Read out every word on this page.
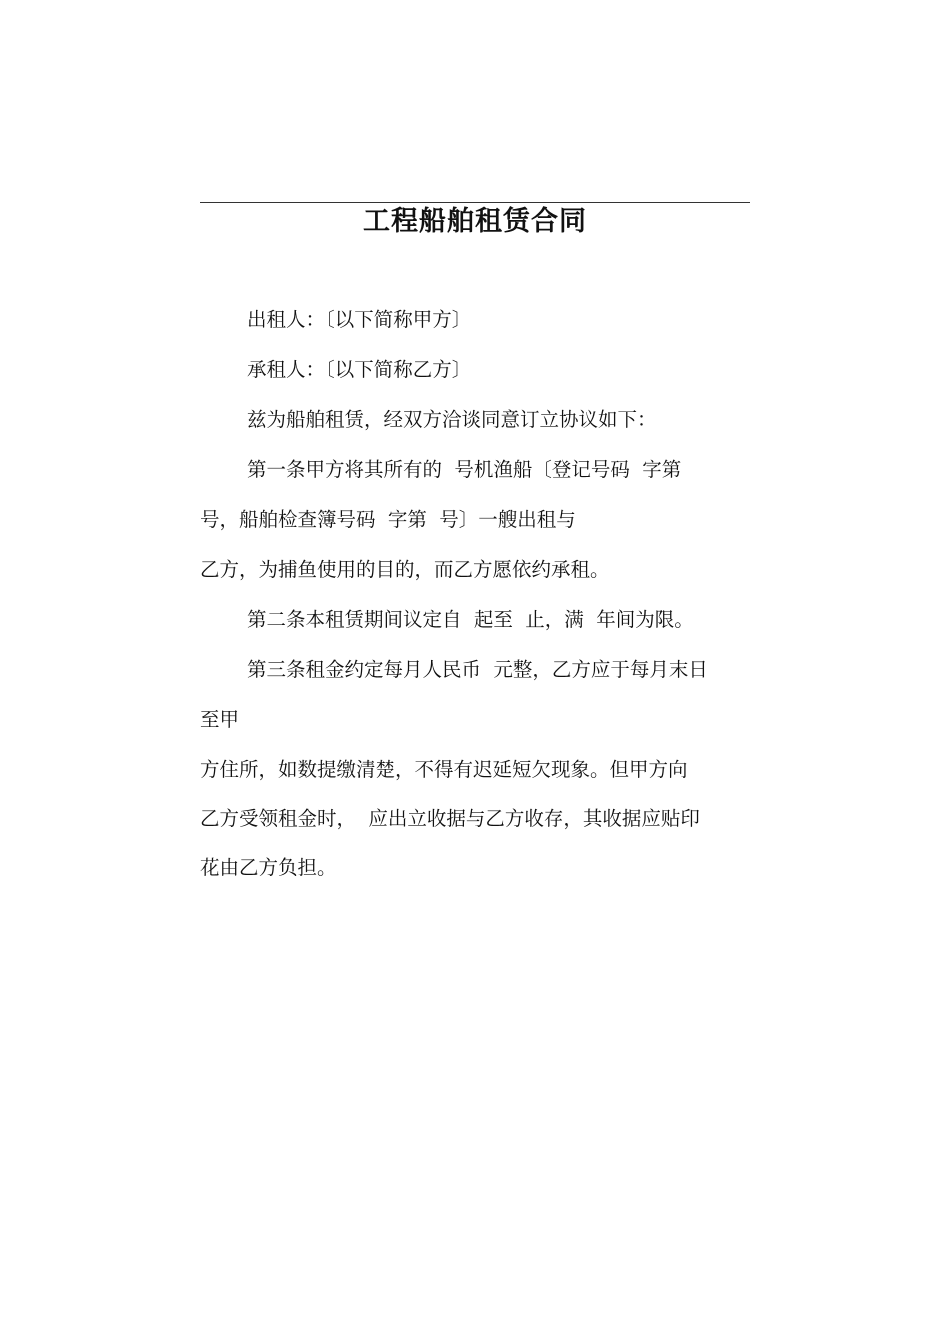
工程船舶租赁合同
出租人：〔以下简称甲方〕
承租人：〔以下简称乙方〕
兹为船舶租赁，经双方洽谈同意订立协议如下：
第一条甲方将其所有的  号机渔船〔登记号码  字第
号，船舶检查簿号码  字第  号〕一艘出租与
乙方，为捕鱼使用的目的，而乙方愿依约承租。
第二条本租赁期间议定自  起至  止，满  年间为限。
第三条租金约定每月人民币  元整，乙方应于每月末日
至甲
方住所，如数提缴清楚，不得有迟延短欠现象。但甲方向
乙方受领租金时，  应出立收据与乙方收存，其收据应贴印
花由乙方负担。
